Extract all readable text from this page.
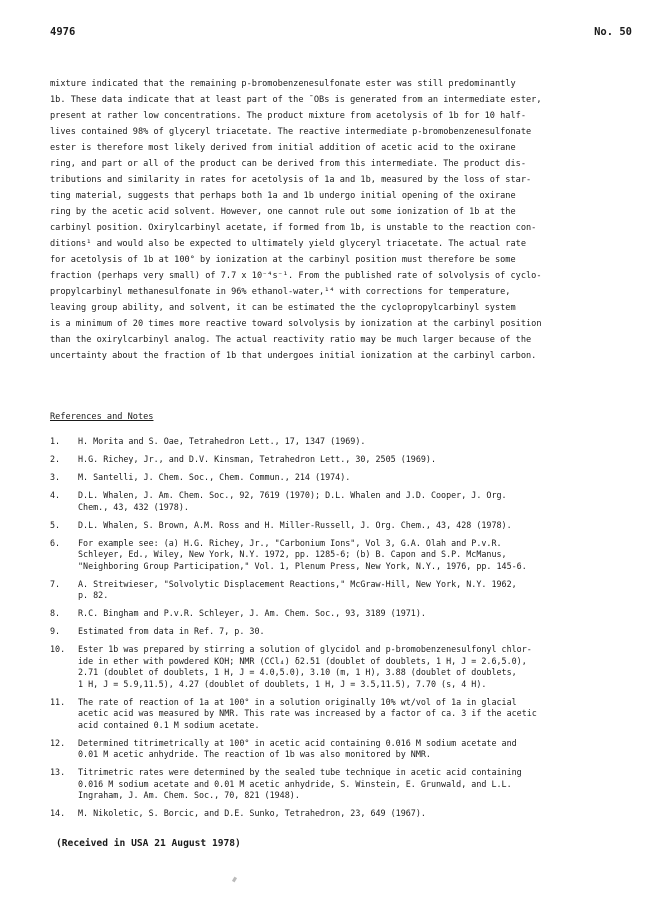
4976	No. 50
mixture indicated that the remaining p-bromobenzenesulfonate ester was still predominantly
1b. These data indicate that at least part of the ¯OBs is generated from an intermediate ester,
present at rather low concentrations. The product mixture from acetolysis of 1b for 10 half-
lives contained 98% of glyceryl triacetate. The reactive intermediate p-bromobenzenesulfonate
ester is therefore most likely derived from initial addition of acetic acid to the oxirane
ring, and part or all of the product can be derived from this intermediate. The product dis-
tributions and similarity in rates for acetolysis of 1a and 1b, measured by the loss of star-
ting material, suggests that perhaps both 1a and 1b undergo initial opening of the oxirane
ring by the acetic acid solvent. However, one cannot rule out some ionization of 1b at the
carbinyl position. Oxirylcarbinyl acetate, if formed from 1b, is unstable to the reaction con-
ditions¹ and would also be expected to ultimately yield glyceryl triacetate. The actual rate
for acetolysis of 1b at 100° by ionization at the carbinyl position must therefore be some
fraction (perhaps very small) of 7.7 x 10⁻⁴s⁻¹. From the published rate of solvolysis of cyclo-
propylcarbinyl methanesulfonate in 96% ethanol-water,¹⁴ with corrections for temperature,
leaving group ability, and solvent, it can be estimated the the cyclopropylcarbinyl system
is a minimum of 20 times more reactive toward solvolysis by ionization at the carbinyl position
than the oxirylcarbinyl analog. The actual reactivity ratio may be much larger because of the
uncertainty about the fraction of 1b that undergoes initial ionization at the carbinyl carbon.
References and Notes
1.	H. Morita and S. Oae, Tetrahedron Lett., 17, 1347 (1969).
2.	H.G. Richey, Jr., and D.V. Kinsman, Tetrahedron Lett., 30, 2505 (1969).
3.	M. Santelli, J. Chem. Soc., Chem. Commun., 214 (1974).
4.	D.L. Whalen, J. Am. Chem. Soc., 92, 7619 (1970); D.L. Whalen and J.D. Cooper, J. Org.
Chem., 43, 432 (1978).
5.	D.L. Whalen, S. Brown, A.M. Ross and H. Miller-Russell, J. Org. Chem., 43, 428 (1978).
6.	For example see: (a) H.G. Richey, Jr., "Carbonium Ions", Vol 3, G.A. Olah and P.v.R.
Schleyer, Ed., Wiley, New York, N.Y. 1972, pp. 1285-6; (b) B. Capon and S.P. McManus,
"Neighboring Group Participation," Vol. 1, Plenum Press, New York, N.Y., 1976, pp. 145-6.
7.	A. Streitwieser, "Solvolytic Displacement Reactions," McGraw-Hill, New York, N.Y. 1962,
p. 82.
8.	R.C. Bingham and P.v.R. Schleyer, J. Am. Chem. Soc., 93, 3189 (1971).
9.	Estimated from data in Ref. 7, p. 30.
10.	Ester 1b was prepared by stirring a solution of glycidol and p-bromobenzenesulfonyl chlor-
ide in ether with powdered KOH; NMR (CCl₄) δ2.51 (doublet of doublets, 1 H, J = 2.6,5.0),
2.71 (doublet of doublets, 1 H, J = 4.0,5.0), 3.10 (m, 1 H), 3.88 (doublet of doublets,
1 H, J = 5.9,11.5), 4.27 (doublet of doublets, 1 H, J = 3.5,11.5), 7.70 (s, 4 H).
11.	The rate of reaction of 1a at 100° in a solution originally 10% wt/vol of 1a in glacial
acetic acid was measured by NMR. This rate was increased by a factor of ca. 3 if the acetic
acid contained 0.1 M sodium acetate.
12.	Determined titrimetrically at 100° in acetic acid containing 0.016 M sodium acetate and
0.01 M acetic anhydride. The reaction of 1b was also monitored by NMR.
13.	Titrimetric rates were determined by the sealed tube technique in acetic acid containing
0.016 M sodium acetate and 0.01 M acetic anhydride, S. Winstein, E. Grunwald, and L.L.
Ingraham, J. Am. Chem. Soc., 70, 821 (1948).
14.	M. Nikoletic, S. Borcic, and D.E. Sunko, Tetrahedron, 23, 649 (1967).
(Received in USA 21 August 1978)
